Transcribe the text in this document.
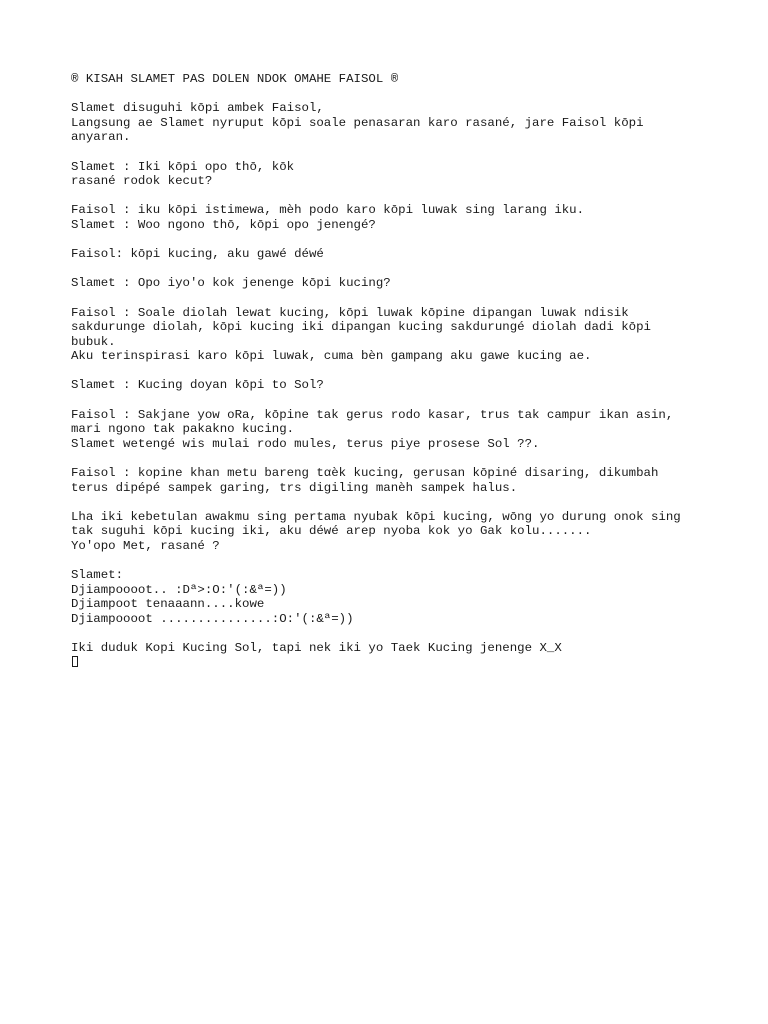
® KISAH SLAMET PAS DOLEN NDOK OMAHE FAISOL ®
Slamet disuguhi kōpi ambek Faisol,
Langsung ae Slamet nyruput kōpi soale penasaran karo rasané, jare Faisol kōpi
anyaran.
Slamet : Iki kōpi opo thō, kōk
rasané rodok kecut?
Faisol : iku kōpi istimewa, mèh podo karo kōpi luwak sing larang iku.
Slamet : Woo ngono thō, kōpi opo jenengé?
Faisol: kōpi kucing, aku gawé déwé
Slamet : Opo iyo'o kok jenenge kōpi kucing?
Faisol : Soale diolah lewat kucing, kōpi luwak kōpine dipangan luwak ndisik
sakdurunge diolah, kōpi kucing iki dipangan kucing sakdurungé diolah dadi kōpi
bubuk.
Aku terinspirasi karo kōpi luwak, cuma bèn gampang aku gawe kucing ae.
Slamet : Kucing doyan kōpi to Sol?
Faisol : Sakjane yow oRa, kōpine tak gerus rodo kasar, trus tak campur ikan asin,
mari ngono tak pakakno kucing.
Slamet wetengé wis mulai rodo mules, terus piye prosese Sol ??.
Faisol : kopine khan metu bareng tαèk kucing, gerusan kōpiné disaring, dikumbah
terus dipépé sampek garing, trs digiling manèh sampek halus.
Lha iki kebetulan awakmu sing pertama nyubak kōpi kucing, wōng yo durung onok sing
tak suguhi kōpi kucing iki, aku déwé arep nyoba kok yo Gak kolu.......
Yo'opo Met, rasané ?
Slamet:
Djiampoooot.. :Dª>:O:'(:&ª=))
Djiampoot tenaaann....kowe
Djiampoooot ...............:O:'(:&ª=))
Iki duduk Kopi Kucing Sol, tapi nek iki yo Taek Kucing jenenge X_X
